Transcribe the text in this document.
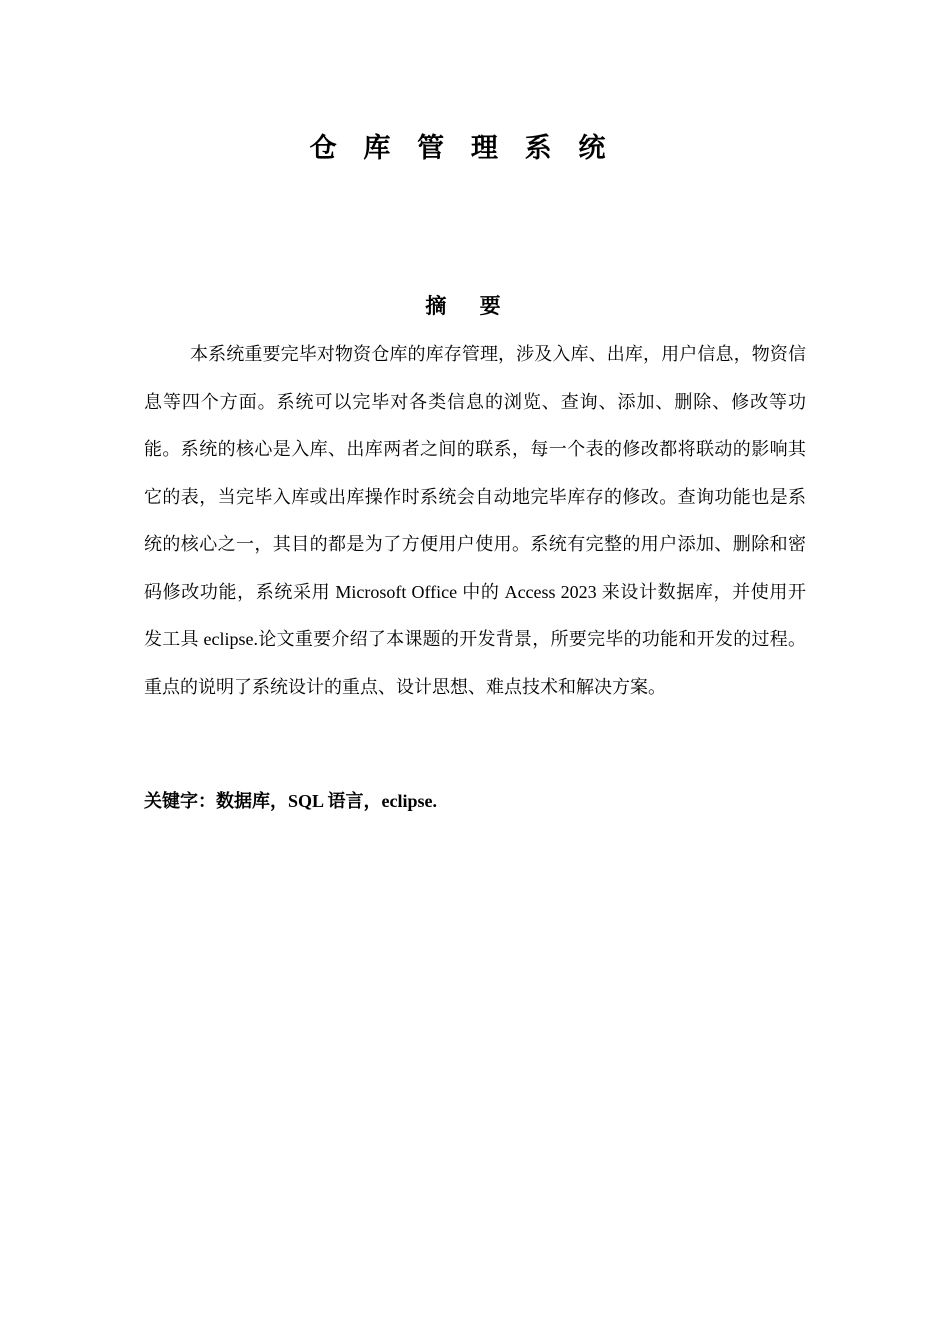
仓 库 管 理 系 统
摘 要

本系统重要完毕对物资仓库的库存管理，涉及入库、出库，用户信息，物资信息等四个方面。系统可以完毕对各类信息的浏览、查询、添加、删除、修改等功能。系统的核心是入库、出库两者之间的联系，每一个表的修改都将联动的影响其它的表，当完毕入库或出库操作时系统会自动地完毕库存的修改。查询功能也是系统的核心之一，其目的都是为了方便用户使用。系统有完整的用户添加、删除和密码修改功能，系统采用 Microsoft Office 中的 Access 2023 来设计数据库，并使用开发工具 eclipse.论文重要介绍了本课题的开发背景，所要完毕的功能和开发的过程。重点的说明了系统设计的重点、设计思想、难点技术和解决方案。

关键字：数据库，SQL 语言，eclipse.
